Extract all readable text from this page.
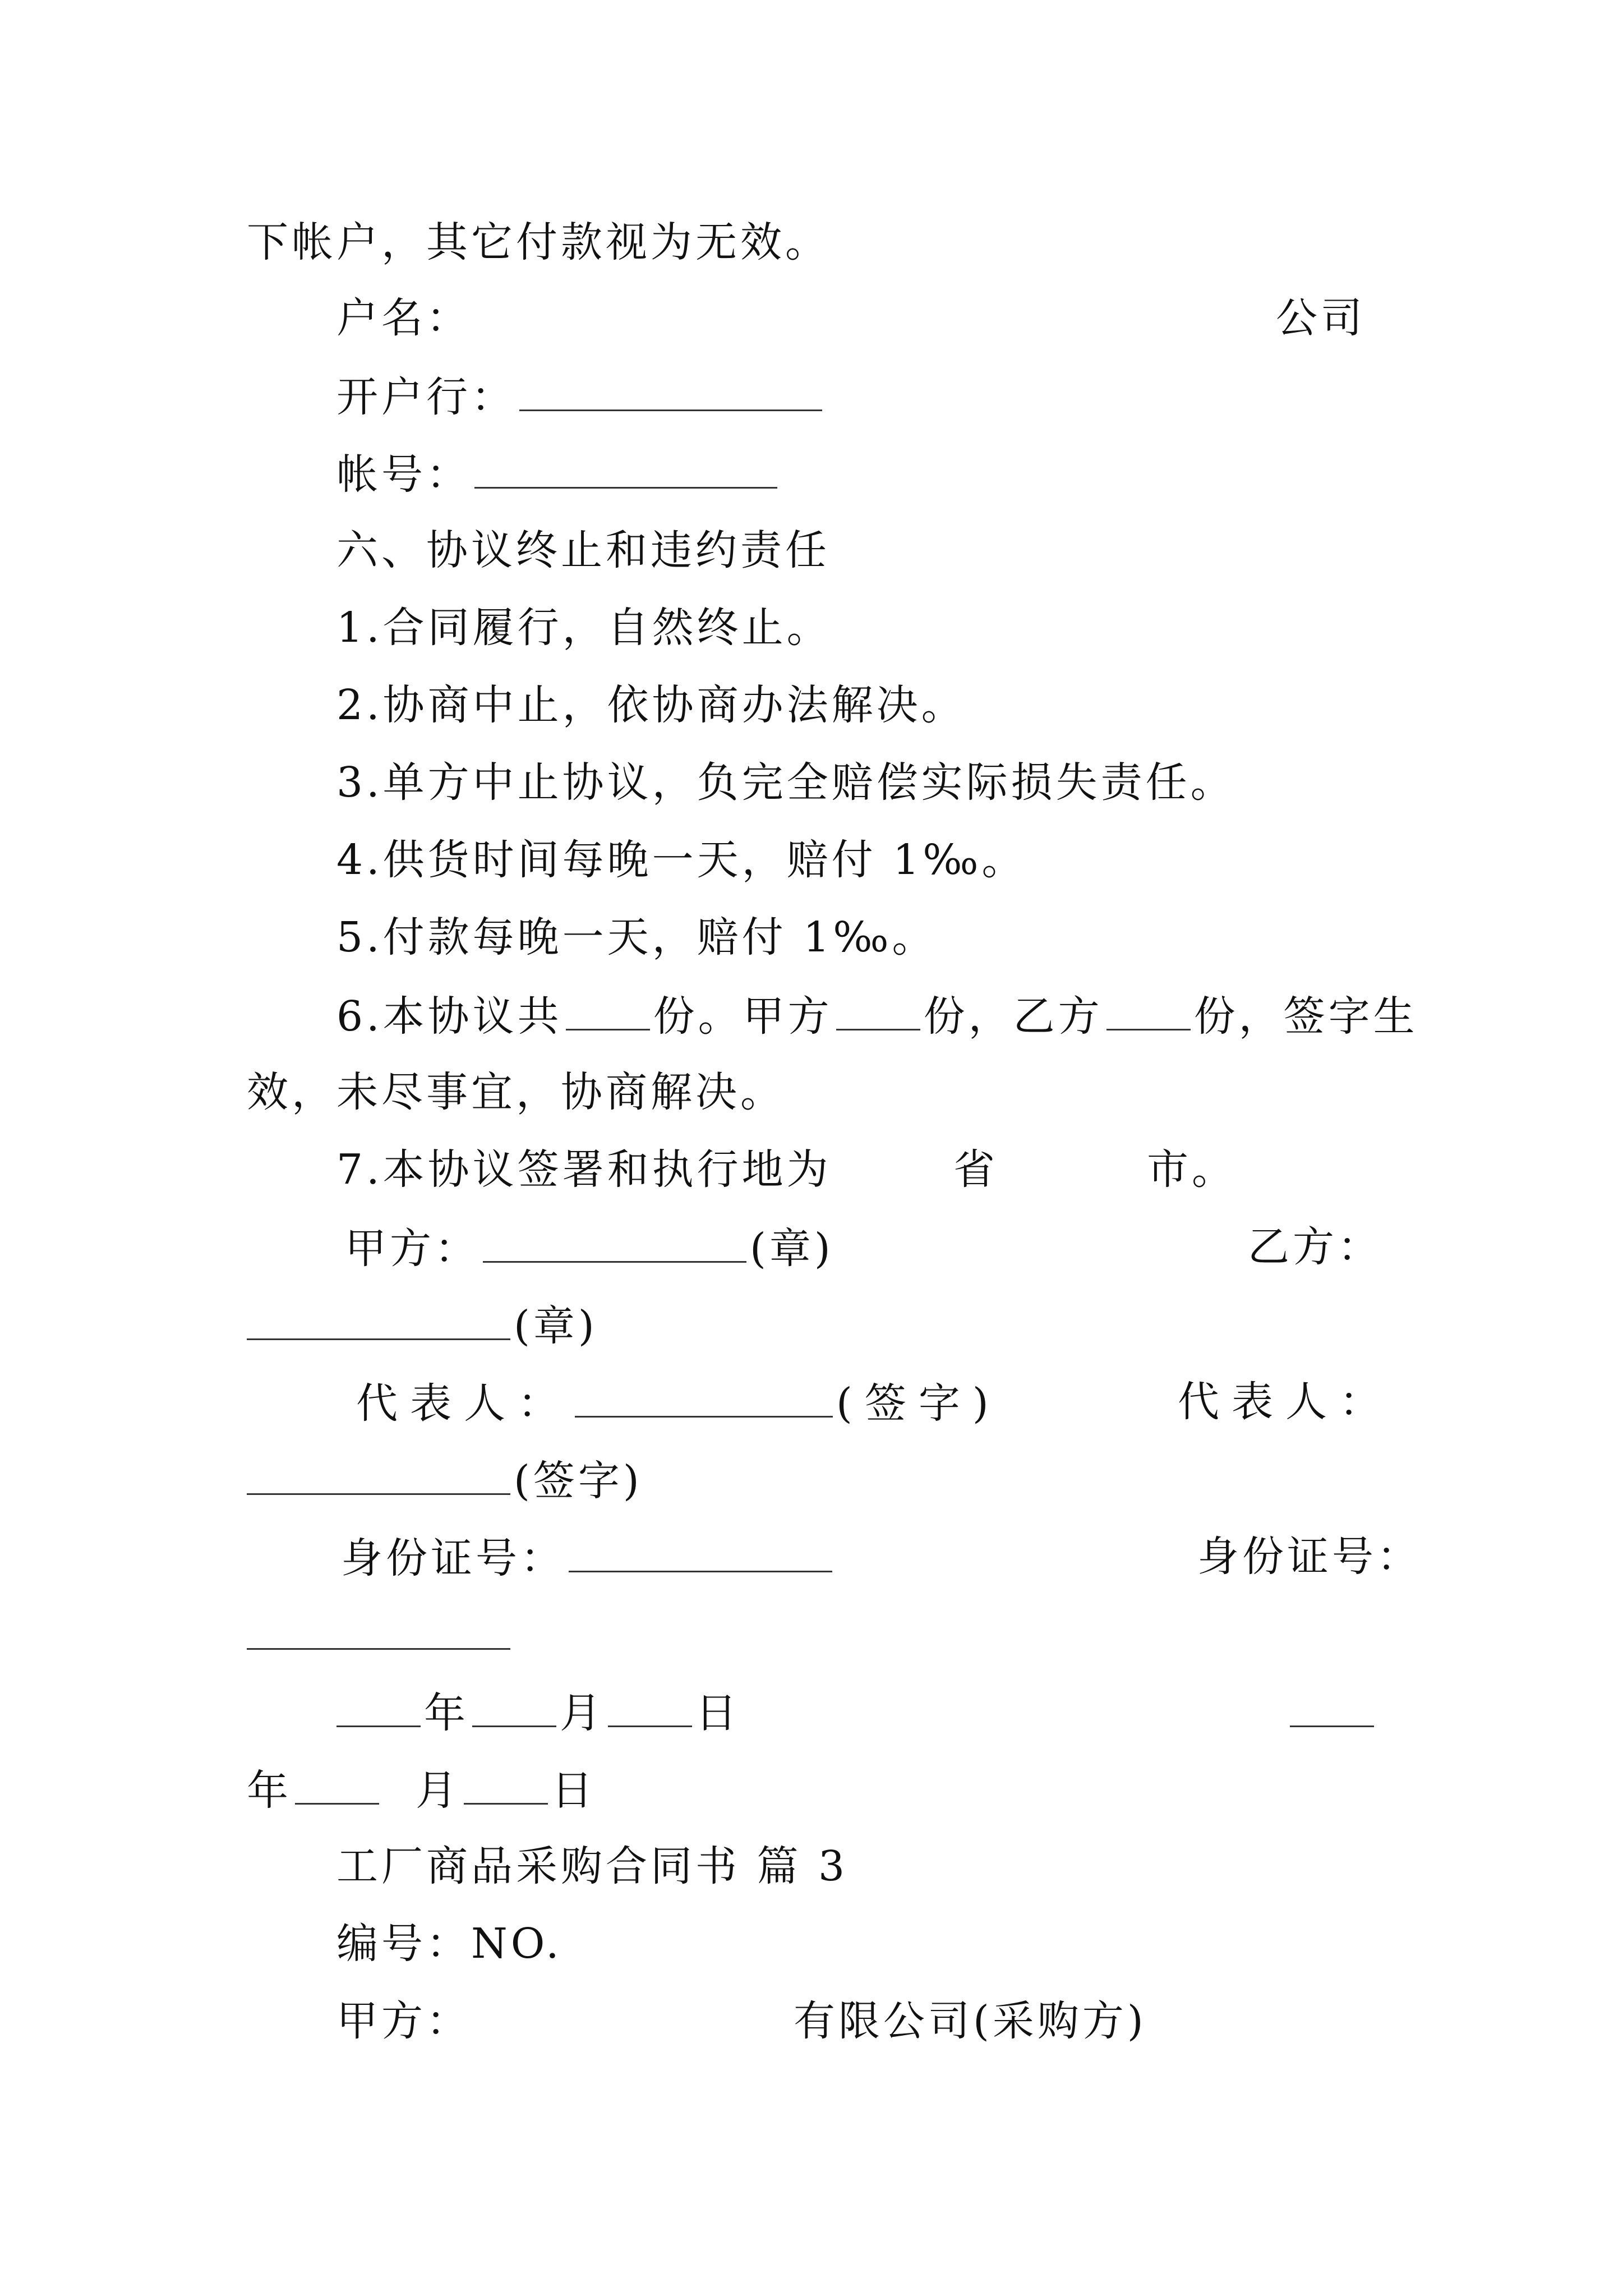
下帐户，其它付款视为无效。
户名：	公司
开户行：
帐号：
六、协议终止和违约责任
1.合同履行，自然终止。
2.协商中止，依协商办法解决。
3.单方中止协议，负完全赔偿实际损失责任。
4.供货时间每晚一天，赔付 1‰。
5.付款每晚一天，赔付 1‰。
6.本协议共 份。甲方 份，乙方 份，签字生
效，未尽事宜，协商解决。
7.本协议签署和执行地为	省	市。
甲方：	(章)	乙方：
(章)
代表人：	(签字)	代表人：
(签字)
身份证号：	身份证号：
年 月 日
年	月 日
工厂商品采购合同书 篇 3
编号：NO.
甲方：	有限公司(采购方)
